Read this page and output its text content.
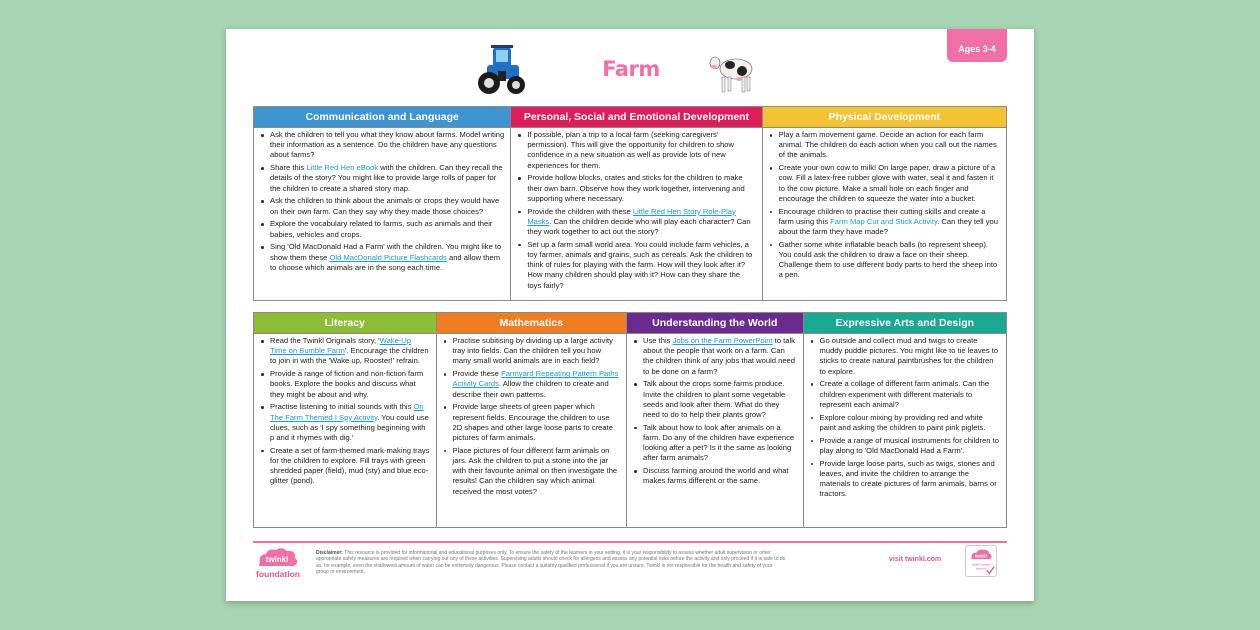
Ages 3-4
Farm
Communication and Language
Ask the children to tell you what they know about farms. Model writing their information as a sentence. Do the children have any questions about farms?
Share this Little Red Hen eBook with the children. Can they recall the details of the story? You might like to provide large rolls of paper for the children to create a shared story map.
Ask the children to think about the animals or crops they would have on their own farm. Can they say why they made those choices?
Explore the vocabulary related to farms, such as animals and their babies, vehicles and crops.
Sing 'Old MacDonald Had a Farm' with the children. You might like to show them these Old MacDonald Picture Flashcards and allow them to choose which animals are in the song each time.
Personal, Social and Emotional Development
If possible, plan a trip to a local farm (seeking caregivers' permission). This will give the opportunity for children to show confidence in a new situation as well as provide lots of new experiences for them.
Provide hollow blocks, crates and sticks for the children to make their own barn. Observe how they work together, intervening and supporting where necessary.
Provide the children with these Little Red Hen Story Role-Play Masks. Can the children decide who will play each character? Can they work together to act out the story?
Set up a farm small world area. You could include farm vehicles, a toy farmer, animals and grains, such as cereals. Ask the children to think of rules for playing with the farm. How will they look after it? How many children should play with it? How can they share the toys fairly?
Physical Development
Play a farm movement game. Decide an action for each farm animal. The children do each action when you call out the names of the animals.
Create your own cow to milk! On large paper, draw a picture of a cow. Fill a latex-free rubber glove with water, seal it and fasten it to the cow picture. Make a small hole on each finger and encourage the children to squeeze the water into a bucket.
Encourage children to practise their cutting skills and create a farm using this Farm Map Cut and Stick Activity. Can they tell you about the farm they have made?
Gather some white inflatable beach balls (to represent sheep). You could ask the children to draw a face on their sheep. Challenge them to use different body parts to herd the sheep into a pen.
Literacy
Read the Twinkl Originals story, 'Wake-Up Time on Bumble Farm'. Encourage the children to join in with the 'Wake up, Rooster!' refrain.
Provide a range of fiction and non-fiction farm books. Explore the books and discuss what they might be about and why.
Practise listening to initial sounds with this On The Farm Themed I Spy Activity. You could use clues, such as 'I spy something beginning with p and it rhymes with dig.'
Create a set of farm-themed mark-making trays for the children to explore. Fill trays with green shredded paper (field), mud (sty) and blue eco-glitter (pond).
Mathematics
Practise subitising by dividing up a large activity tray into fields. Can the children tell you how many small world animals are in each field?
Provide these Farmyard Repeating Pattern Paths Activity Cards. Allow the children to create and describe their own patterns.
Provide large sheets of green paper which represent fields. Encourage the children to use 2D shapes and other large loose parts to create pictures of farm animals.
Place pictures of four different farm animals on jars. Ask the children to put a stone into the jar with their favourite animal on then investigate the results! Can the children say which animal received the most votes?
Understanding the World
Use this Jobs on the Farm PowerPoint to talk about the people that work on a farm. Can the children think of any jobs that would need to be done on a farm?
Talk about the crops some farms produce. Invite the children to plant some vegetable seeds and look after them. What do they need to do to help their plants grow?
Talk about how to look after animals on a farm. Do any of the children have experience looking after a pet? Is it the same as looking after farm animals?
Discuss farming around the world and what makes farms different or the same.
Expressive Arts and Design
Go outside and collect mud and twigs to create muddy puddle pictures. You might like to tie leaves to sticks to create natural paintbrushes for the children to explore.
Create a collage of different farm animals. Can the children experiment with different materials to represent each animal?
Explore colour mixing by providing red and white paint and asking the children to paint pink piglets.
Provide a range of musical instruments for children to play along to 'Old MacDonald Had a Farm'.
Provide large loose parts, such as twigs, stones and leaves, and invite the children to arrange the materials to create pictures of farm animals, barns or tractors.
twinkl
foundation
Disclaimer: This resource is provided for informational and educational purposes only. To ensure the safety of the learners in your setting, it is your responsibility to assess whether adult supervision or other appropriate safety measures are required when carrying out any of these activities. Supervising adults should check for allergens and assess any potential risks before the activity and only proceed if it is safe to do so, for example, even the shallowest amount of water can be extremely dangerous. Please contact a suitably qualified professional if you are unsure. Twinkl is not responsible for the health and safety of your group or environment.
visit twinkl.com
twinkl
Quality Standard
Approved
